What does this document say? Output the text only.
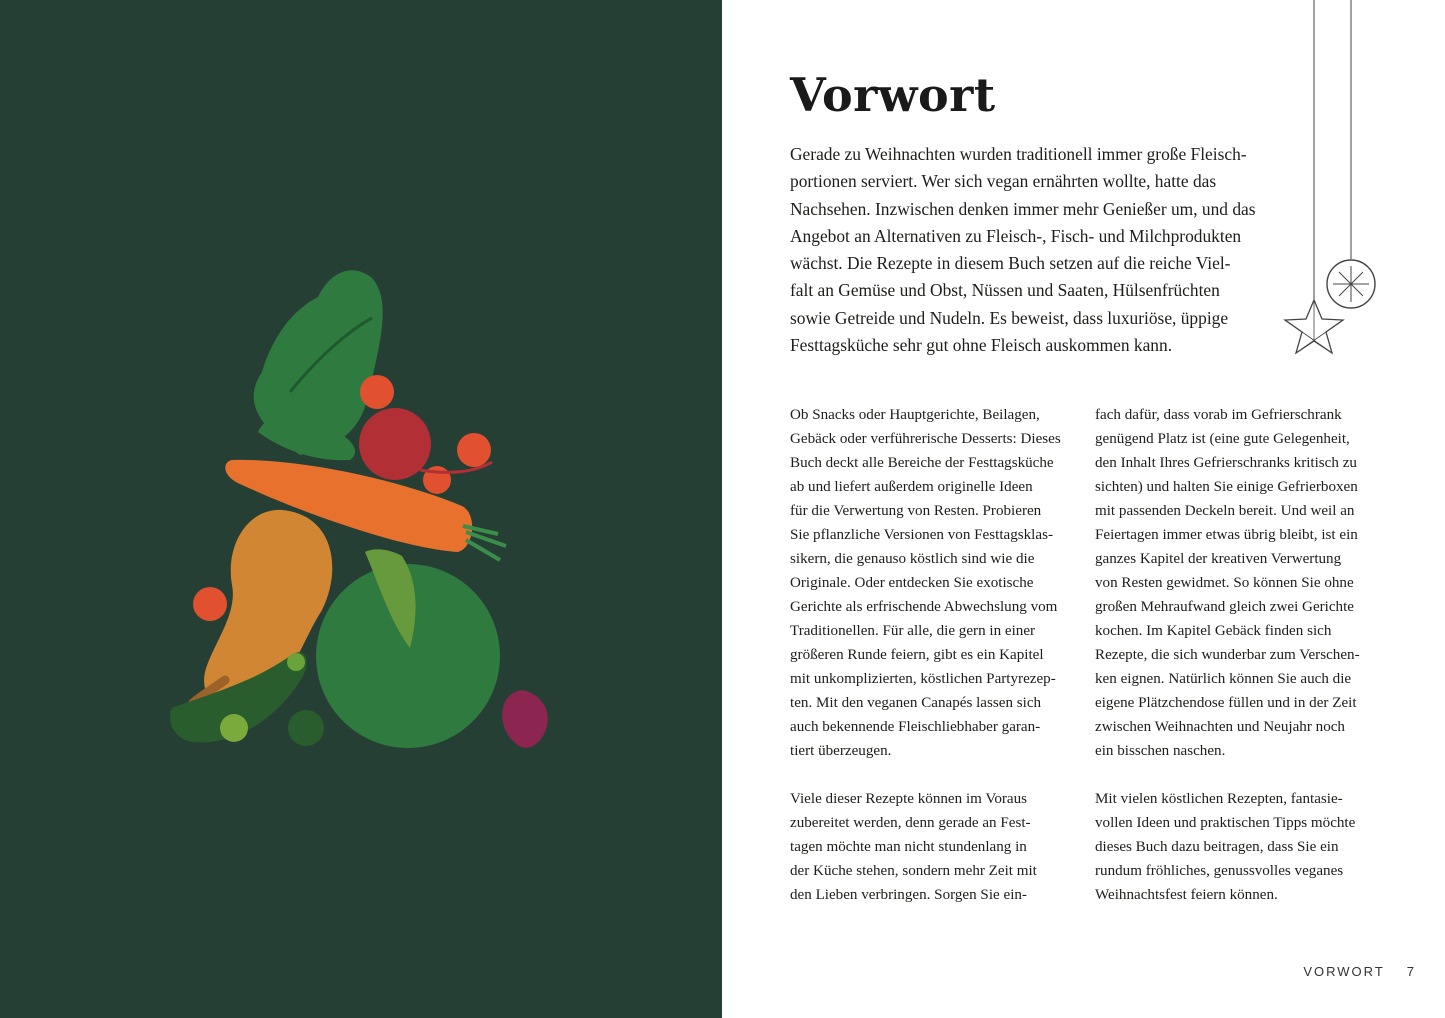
Vorwort

Gerade zu Weihnachten wurden traditionell immer große Fleisch-
portionen serviert. Wer sich vegan ernährten wollte, hatte das
Nachsehen. Inzwischen denken immer mehr Genießer um, und das
Angebot an Alternativen zu Fleisch-, Fisch- und Milchprodukten
wächst. Die Rezepte in diesem Buch setzen auf die reiche Viel-
falt an Gemüse und Obst, Nüssen und Saaten, Hülsenfrüchten
sowie Getreide und Nudeln. Es beweist, dass luxuriöse, üppige
Festtagsküche sehr gut ohne Fleisch auskommen kann.

Ob Snacks oder Hauptgerichte, Beilagen,
Gebäck oder verführerische Desserts: Dieses
Buch deckt alle Bereiche der Festtagsküche
ab und liefert außerdem originelle Ideen
für die Verwertung von Resten. Probieren
Sie pflanzliche Versionen von Festtagsklas-
sikern, die genauso köstlich sind wie die
Originale. Oder entdecken Sie exotische
Gerichte als erfrischende Abwechslung vom
Traditionellen. Für alle, die gern in einer
größeren Runde feiern, gibt es ein Kapitel
mit unkomplizierten, köstlichen Partyrezep-
ten. Mit den veganen Canapés lassen sich
auch bekennende Fleischliebhaber garan-
tiert überzeugen.

Viele dieser Rezepte können im Voraus
zubereitet werden, denn gerade an Fest-
tagen möchte man nicht stundenlang in
der Küche stehen, sondern mehr Zeit mit
den Lieben verbringen. Sorgen Sie ein-

fach dafür, dass vorab im Gefrierschrank
genügend Platz ist (eine gute Gelegenheit,
den Inhalt Ihres Gefrierschranks kritisch zu
sichten) und halten Sie einige Gefrierboxen
mit passenden Deckeln bereit. Und weil an
Feiertagen immer etwas übrig bleibt, ist ein
ganzes Kapitel der kreativen Verwertung
von Resten gewidmet. So können Sie ohne
großen Mehraufwand gleich zwei Gerichte
kochen. Im Kapitel Gebäck finden sich
Rezepte, die sich wunderbar zum Verschen-
ken eignen. Natürlich können Sie auch die
eigene Plätzchendose füllen und in der Zeit
zwischen Weihnachten und Neujahr noch
ein bisschen naschen.

Mit vielen köstlichen Rezepten, fantasie-
vollen Ideen und praktischen Tipps möchte
dieses Buch dazu beitragen, dass Sie ein
rundum fröhliches, genussvolles veganes
Weihnachtsfest feiern können.

VORWORT 7
